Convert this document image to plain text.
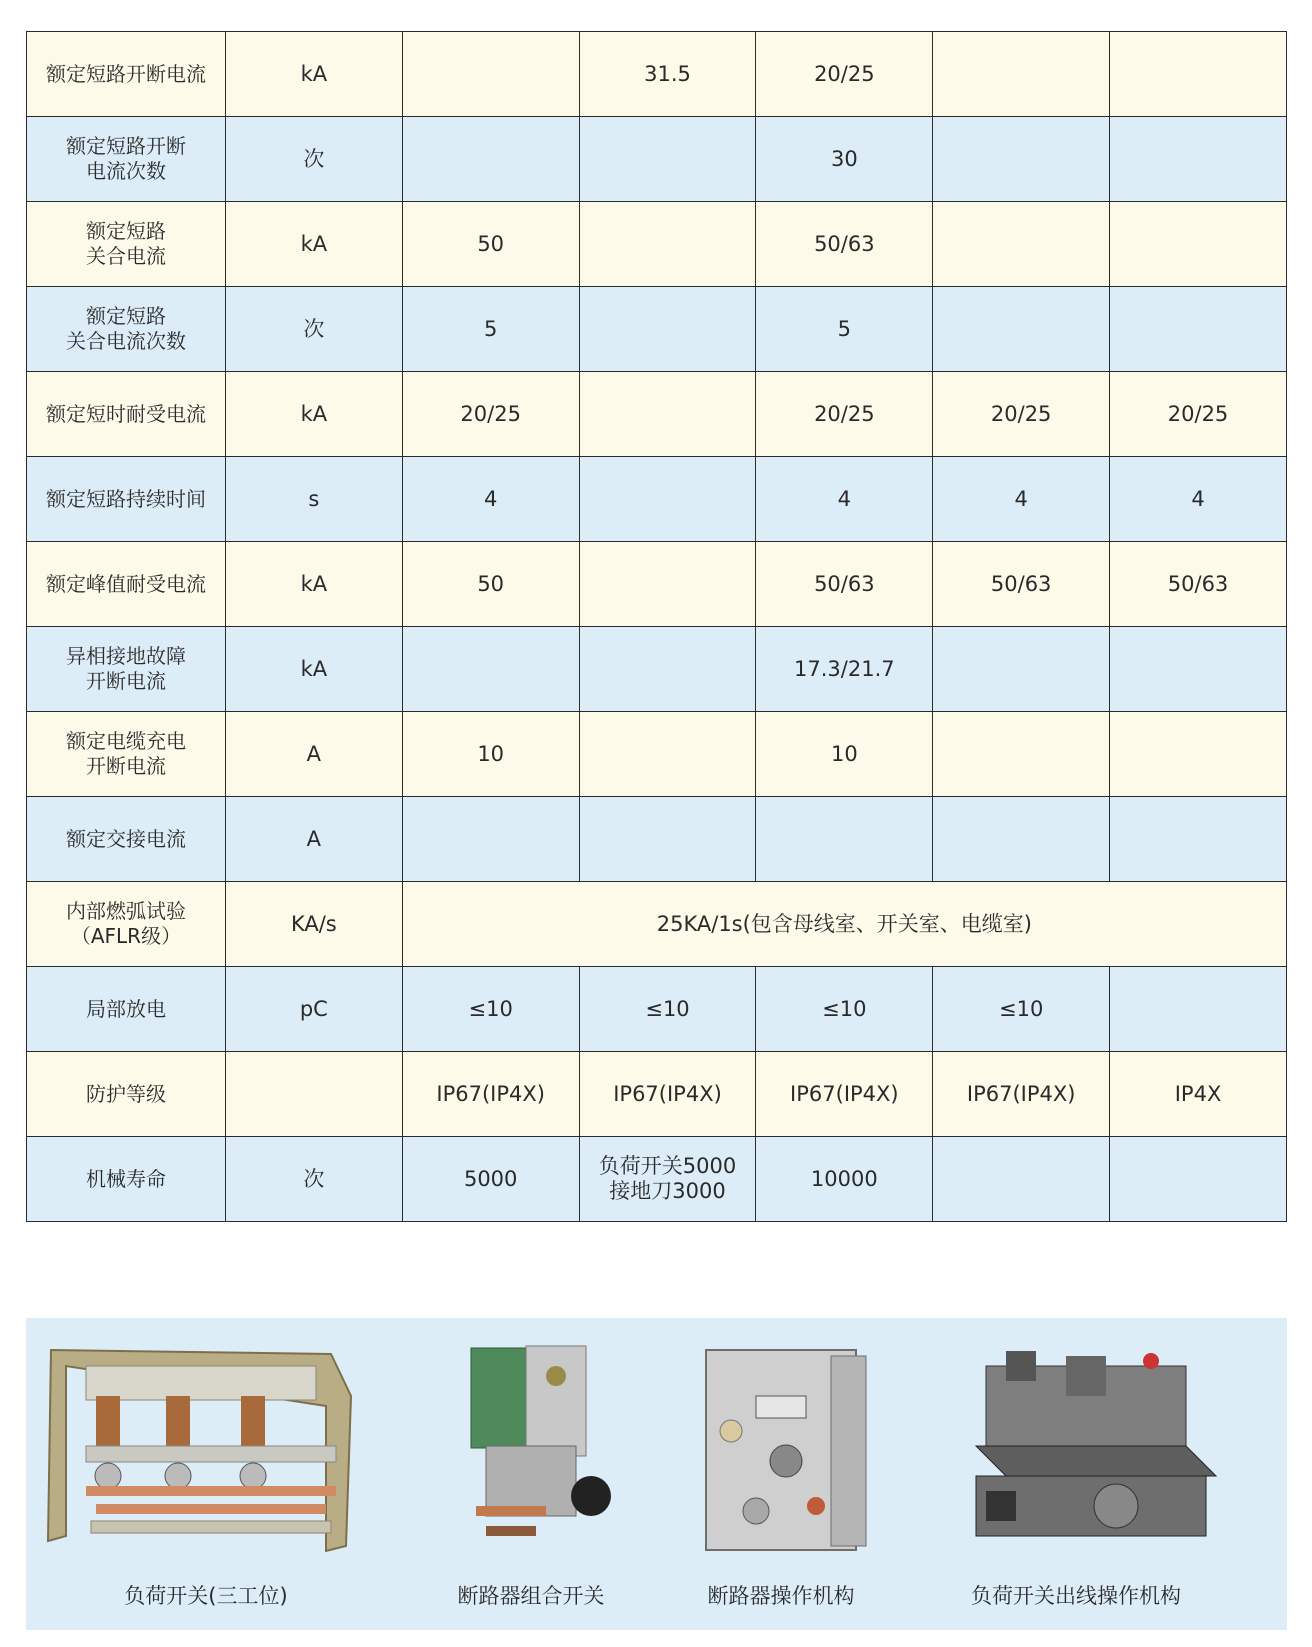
额定短路开断电流	kA		31.5	20/25		
额定短路开断
电流次数	次			30		
额定短路
关合电流	kA	50		50/63		
额定短路
关合电流次数	次	5		5		
额定短时耐受电流	kA	20/25		20/25	20/25	20/25
额定短路持续时间	s	4		4	4	4
额定峰值耐受电流	kA	50		50/63	50/63	50/63
异相接地故障
开断电流	kA			17.3/21.7		
额定电缆充电
开断电流	A	10		10		
额定交接电流	A					
内部燃弧试验
（AFLR级）	KA/s	25KA/1s(包含母线室、开关室、电缆室)				
局部放电	pC	≤10	≤10	≤10	≤10	
防护等级		IP67(IP4X)	IP67(IP4X)	IP67(IP4X)	IP67(IP4X)	IP4X
机械寿命	次	5000	负荷开关5000
接地刀3000	10000		
负荷开关(三工位)	断路器组合开关	断路器操作机构	负荷开关出线操作机构
